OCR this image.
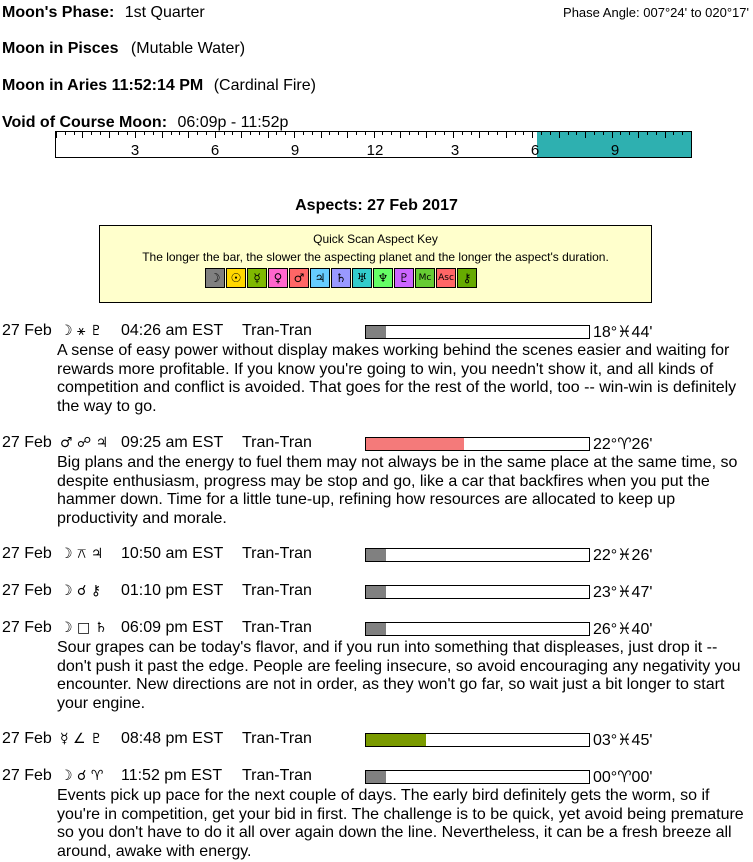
Moon's Phase: 1st Quarter	Phase Angle: 007°24' to 020°17'
Moon in Pisces (Mutable Water)
Moon in Aries 11:52:14 PM (Cardinal Fire)
Void of Course Moon: 06:09p - 11:52p
3	6	9	12	3	6	9
Aspects: 27 Feb 2017
Quick Scan Aspect Key
The longer the bar, the slower the aspecting planet and the longer the aspect's duration.
☽ ☉ ☿	♀ ♂ ♃ ♄ ♅ ♆ ♇	Mc Asc ⚷
27 Feb ☽ ⚹ ♇ 04:26 am EST Tran-Tran	18°♓44'
A sense of easy power without display makes working behind the scenes easier and waiting for rewards more profitable. If you know you're going to win, you needn't show it, and all kinds of competition and conflict is avoided. That goes for the rest of the world, too -- win-win is definitely the way to go.
27 Feb ♂ ☍ ♃ 09:25 am EST Tran-Tran	22°♈26'
Big plans and the energy to fuel them may not always be in the same place at the same time, so despite enthusiasm, progress may be stop and go, like a car that backfires when you put the hammer down. Time for a little tune-up, refining how resources are allocated to keep up productivity and morale.
27 Feb ☽ ⚻ ♃ 10:50 am EST Tran-Tran	22°♓26'
27 Feb ☽ ☌ ⚷ 01:10 pm EST Tran-Tran	23°♓47'
27 Feb ☽ □ ♄ 06:09 pm EST Tran-Tran	26°♓40'
Sour grapes can be today's flavor, and if you run into something that displeases, just drop it -- don't push it past the edge. People are feeling insecure, so avoid encouraging any negativity you encounter. New directions are not in order, as they won't go far, so wait just a bit longer to start your engine.
27 Feb ☿ ∠ ♇ 08:48 pm EST Tran-Tran	03°♓45'
27 Feb ☽ ☌ ♈ 11:52 pm EST Tran-Tran	00°♈00'
Events pick up pace for the next couple of days. The early bird definitely gets the worm, so if you're in competition, get your bid in first. The challenge is to be quick, yet avoid being premature so you don't have to do it all over again down the line. Nevertheless, it can be a fresh breeze all around, awake with energy.
